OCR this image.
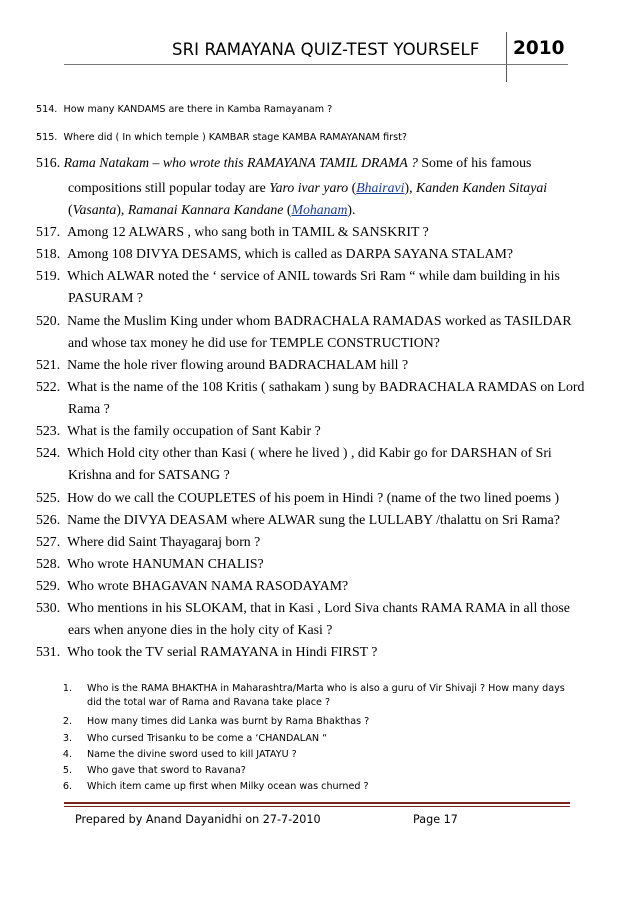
SRI RAMAYANA QUIZ-TEST YOURSELF 2010
514. How many KANDAMS are there in Kamba Ramayanam ?
515. Where did ( In which temple ) KAMBAR stage KAMBA RAMAYANAM first?
516. Rama Natakam – who wrote this RAMAYANA TAMIL DRAMA ? Some of his famous
compositions still popular today are Yaro ivar yaro (Bhairavi), Kanden Kanden Sitayai
(Vasanta), Ramanai Kannara Kandane (Mohanam).
517. Among 12 ALWARS , who sang both in TAMIL & SANSKRIT ?
518. Among 108 DIVYA DESAMS, which is called as DARPA SAYANA STALAM?
519. Which ALWAR noted the ‘ service of ANIL towards Sri Ram “ while dam building in his
PASURAM ?
520. Name the Muslim King under whom BADRACHALA RAMADAS worked as TASILDAR
and whose tax money he did use for TEMPLE CONSTRUCTION?
521. Name the hole river flowing around BADRACHALAM hill ?
522. What is the name of the 108 Kritis ( sathakam ) sung by BADRACHALA RAMDAS on Lord
Rama ?
523. What is the family occupation of Sant Kabir ?
524. Which Hold city other than Kasi ( where he lived ) , did Kabir go for DARSHAN of Sri
Krishna and for SATSANG ?
525. How do we call the COUPLETES of his poem in Hindi ? (name of the two lined poems )
526. Name the DIVYA DEASAM where ALWAR sung the LULLABY /thalattu on Sri Rama?
527. Where did Saint Thayagaraj born ?
528. Who wrote HANUMAN CHALIS?
529. Who wrote BHAGAVAN NAMA RASODAYAM?
530. Who mentions in his SLOKAM, that in Kasi , Lord Siva chants RAMA RAMA in all those
ears when anyone dies in the holy city of Kasi ?
531. Who took the TV serial RAMAYANA in Hindi FIRST ?
1. Who is the RAMA BHAKTHA in Maharashtra/Marta who is also a guru of Vir Shivaji ? How many days
did the total war of Rama and Ravana take place ?
2. How many times did Lanka was burnt by Rama Bhakthas ?
3. Who cursed Trisanku to be come a ‘CHANDALAN “
4. Name the divine sword used to kill JATAYU ?
5. Who gave that sword to Ravana?
6. Which item came up first when Milky ocean was churned ?
Prepared by Anand Dayanidhi on 27-7-2010	Page 17
